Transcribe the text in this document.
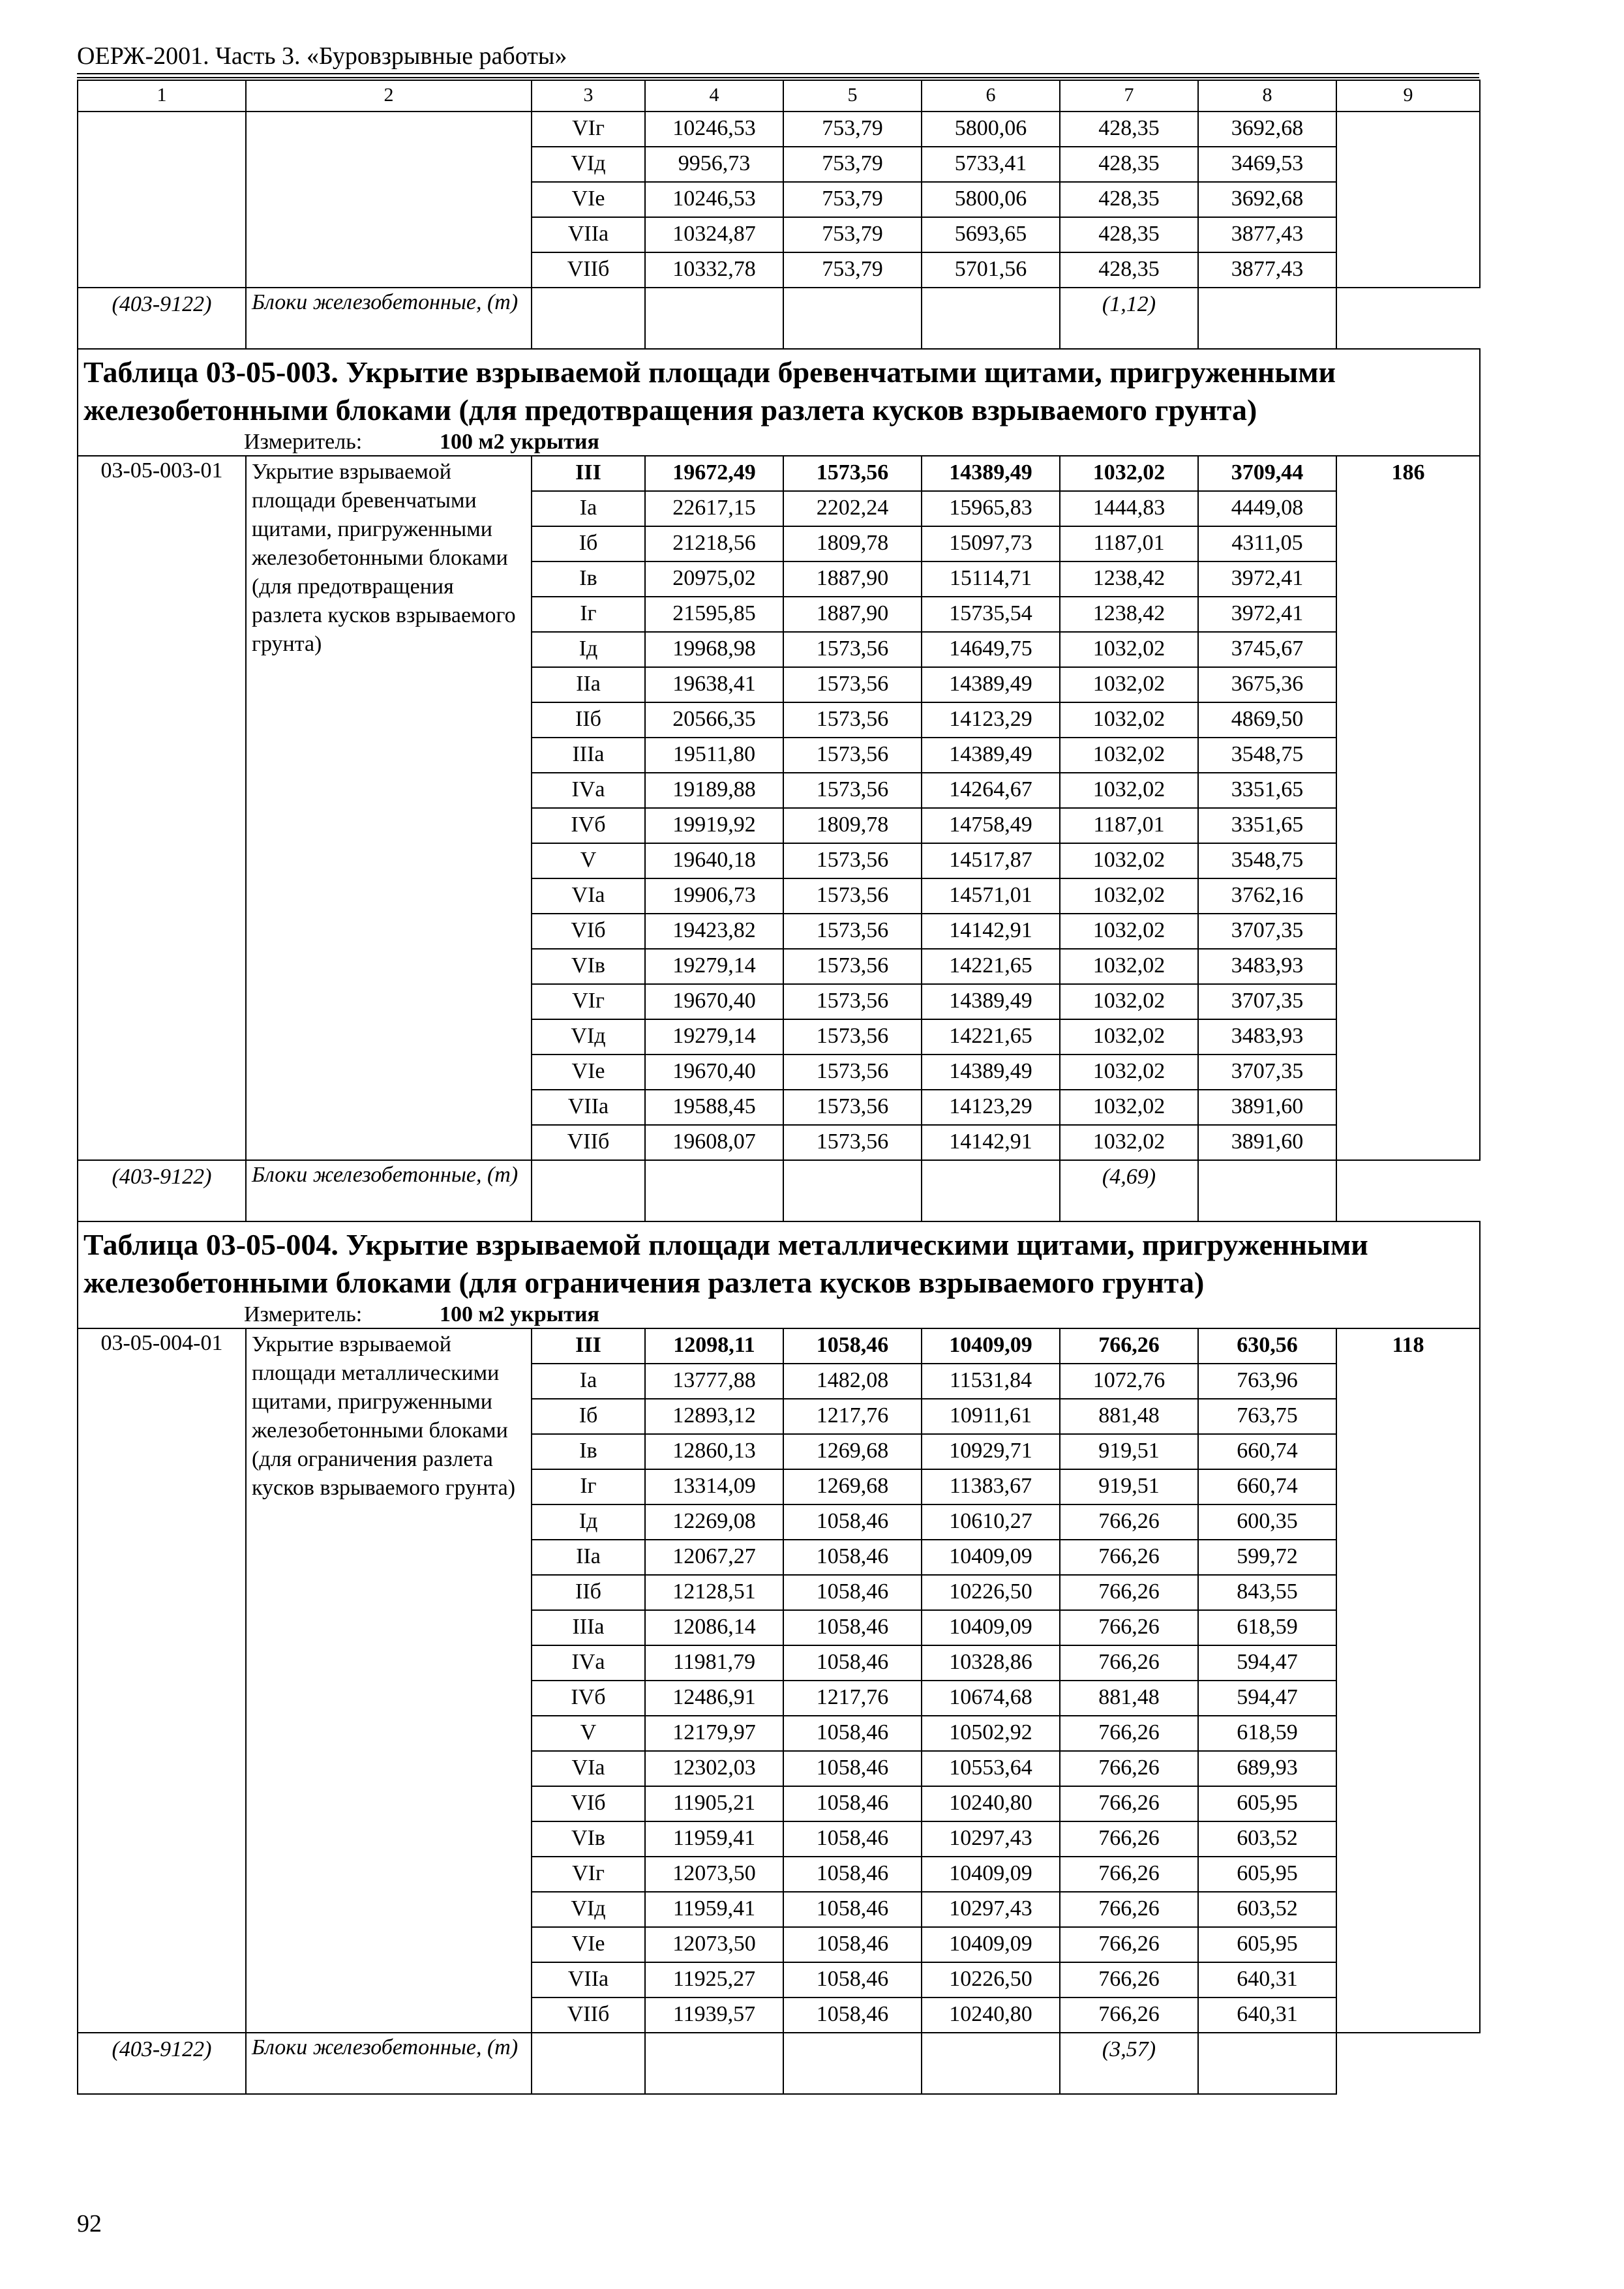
ОЕРЖ-2001. Часть 3. «Буровзрывные работы»
1	2	3	4	5	6	7	8	9
		VIг	10246,53	753,79	5800,06	428,35	3692,68	
		VIд	9956,73	753,79	5733,41	428,35	3469,53	
		VIе	10246,53	753,79	5800,06	428,35	3692,68	
		VIIа	10324,87	753,79	5693,65	428,35	3877,43	
		VIIб	10332,78	753,79	5701,56	428,35	3877,43	
(403-9122)	Блоки железобетонные, (т)					(1,12)		
Таблица 03-05-003. Укрытие взрываемой площади бревенчатыми щитами, пригруженными железобетонными блоками (для предотвращения разлета кусков взрываемого грунта)								
Измеритель: 100 м2 укрытия								
03-05-003-01	Укрытие взрываемой площади бревенчатыми щитами, пригруженными железобетонными блоками (для предотвращения разлета кусков взрываемого грунта)	III	19672,49	1573,56	14389,49	1032,02	3709,44	186
		Iа	22617,15	2202,24	15965,83	1444,83	4449,08	
		Iб	21218,56	1809,78	15097,73	1187,01	4311,05	
		Iв	20975,02	1887,90	15114,71	1238,42	3972,41	
		Iг	21595,85	1887,90	15735,54	1238,42	3972,41	
		Iд	19968,98	1573,56	14649,75	1032,02	3745,67	
		IIа	19638,41	1573,56	14389,49	1032,02	3675,36	
		IIб	20566,35	1573,56	14123,29	1032,02	4869,50	
		IIIа	19511,80	1573,56	14389,49	1032,02	3548,75	
		IVа	19189,88	1573,56	14264,67	1032,02	3351,65	
		IVб	19919,92	1809,78	14758,49	1187,01	3351,65	
		V	19640,18	1573,56	14517,87	1032,02	3548,75	
		VIа	19906,73	1573,56	14571,01	1032,02	3762,16	
		VIб	19423,82	1573,56	14142,91	1032,02	3707,35	
		VIв	19279,14	1573,56	14221,65	1032,02	3483,93	
		VIг	19670,40	1573,56	14389,49	1032,02	3707,35	
		VIд	19279,14	1573,56	14221,65	1032,02	3483,93	
		VIе	19670,40	1573,56	14389,49	1032,02	3707,35	
		VIIа	19588,45	1573,56	14123,29	1032,02	3891,60	
		VIIб	19608,07	1573,56	14142,91	1032,02	3891,60	
(403-9122)	Блоки железобетонные, (т)					(4,69)		
Таблица 03-05-004. Укрытие взрываемой площади металлическими щитами, пригруженными железобетонными блоками (для ограничения разлета кусков взрываемого грунта)								
Измеритель: 100 м2 укрытия								
03-05-004-01	Укрытие взрываемой площади металлическими щитами, пригруженными железобетонными блоками (для ограничения разлета кусков взрываемого грунта)	III	12098,11	1058,46	10409,09	766,26	630,56	118
		Iа	13777,88	1482,08	11531,84	1072,76	763,96	
		Iб	12893,12	1217,76	10911,61	881,48	763,75	
		Iв	12860,13	1269,68	10929,71	919,51	660,74	
		Iг	13314,09	1269,68	11383,67	919,51	660,74	
		Iд	12269,08	1058,46	10610,27	766,26	600,35	
		IIа	12067,27	1058,46	10409,09	766,26	599,72	
		IIб	12128,51	1058,46	10226,50	766,26	843,55	
		IIIа	12086,14	1058,46	10409,09	766,26	618,59	
		IVа	11981,79	1058,46	10328,86	766,26	594,47	
		IVб	12486,91	1217,76	10674,68	881,48	594,47	
		V	12179,97	1058,46	10502,92	766,26	618,59	
		VIа	12302,03	1058,46	10553,64	766,26	689,93	
		VIб	11905,21	1058,46	10240,80	766,26	605,95	
		VIв	11959,41	1058,46	10297,43	766,26	603,52	
		VIг	12073,50	1058,46	10409,09	766,26	605,95	
		VIд	11959,41	1058,46	10297,43	766,26	603,52	
		VIе	12073,50	1058,46	10409,09	766,26	605,95	
		VIIа	11925,27	1058,46	10226,50	766,26	640,31	
		VIIб	11939,57	1058,46	10240,80	766,26	640,31	
(403-9122)	Блоки железобетонные, (т)					(3,57)		
92
